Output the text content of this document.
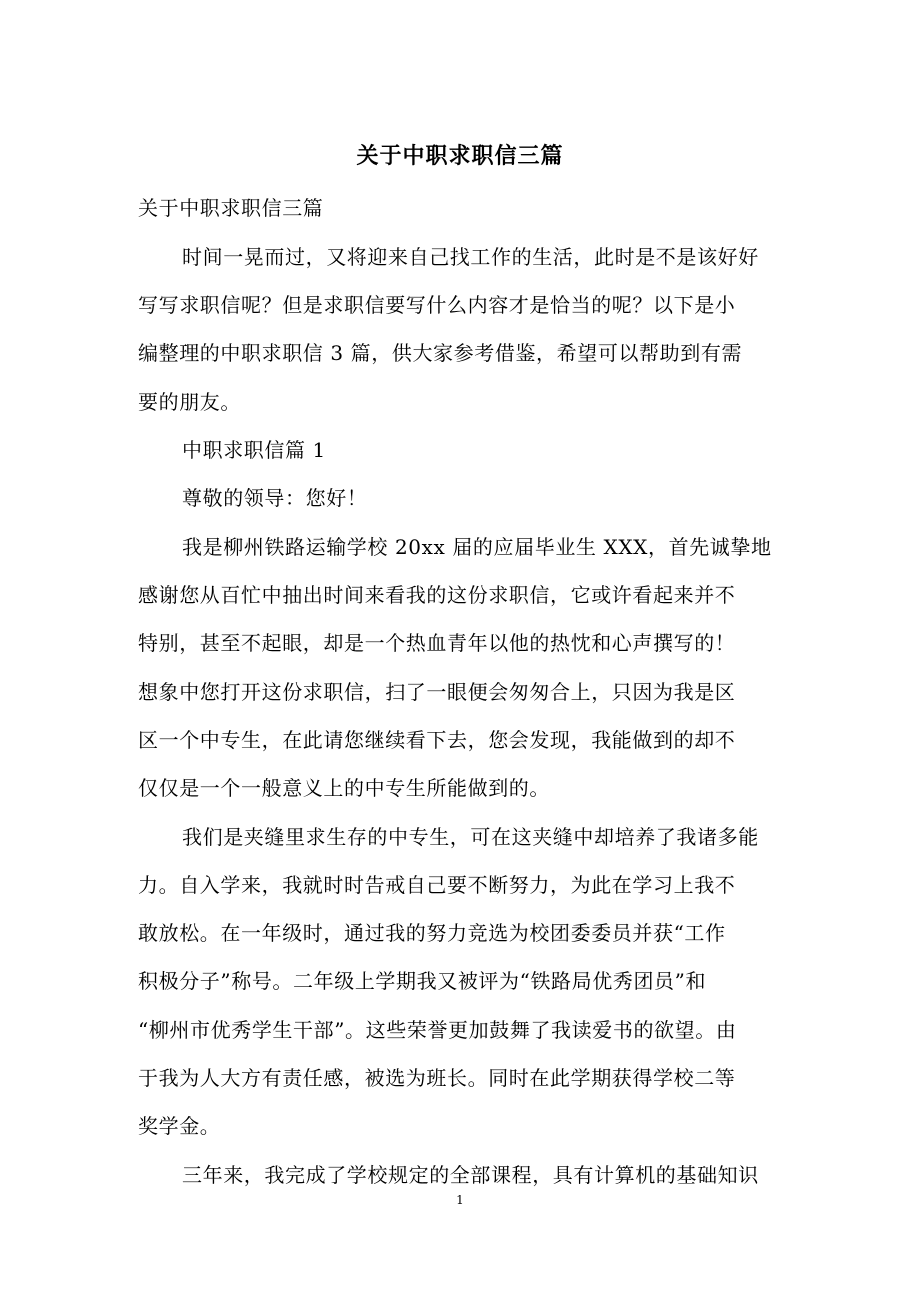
关于中职求职信三篇
关于中职求职信三篇
时间一晃而过，又将迎来自己找工作的生活，此时是不是该好好
写写求职信呢？但是求职信要写什么内容才是恰当的呢？以下是小
编整理的中职求职信 3 篇，供大家参考借鉴，希望可以帮助到有需
要的朋友。
中职求职信篇 1
尊敬的领导：您好！
我是柳州铁路运输学校 20xx 届的应届毕业生 XXX，首先诚挚地
感谢您从百忙中抽出时间来看我的这份求职信，它或许看起来并不
特别，甚至不起眼，却是一个热血青年以他的热忱和心声撰写的！
想象中您打开这份求职信，扫了一眼便会匆匆合上，只因为我是区
区一个中专生，在此请您继续看下去，您会发现，我能做到的却不
仅仅是一个一般意义上的中专生所能做到的。
我们是夹缝里求生存的中专生，可在这夹缝中却培养了我诸多能
力。自入学来，我就时时告戒自己要不断努力，为此在学习上我不
敢放松。在一年级时，通过我的努力竞选为校团委委员并获“工作
积极分子”称号。二年级上学期我又被评为“铁路局优秀团员”和
“柳州市优秀学生干部”。这些荣誉更加鼓舞了我读爱书的欲望。由
于我为人大方有责任感，被选为班长。同时在此学期获得学校二等
奖学金。
三年来，我完成了学校规定的全部课程，具有计算机的基础知识
1
